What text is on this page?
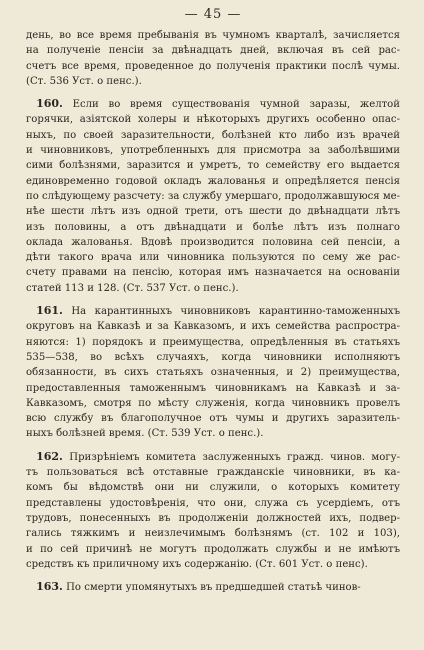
— 45 —
день, во все время пребыванія въ чумномъ кварталѣ, зачисляется
на полученіе пенсіи за двѣнадцать дней, включая въ сей рас-
счетъ все время, проведенное до полученія практики послѣ чумы.
(Ст. 536 Уст. о пенс.).
 160. Если во время существованія чумной заразы, желтой
горячки, азіятской холеры и нѣкоторыхъ другихъ особенно опас-
ныхъ, по своей заразительности, болѣзней кто либо изъ врачей
и чиновниковъ, употребленныхъ для присмотра за заболѣвшими
сими болѣзнями, заразится и умретъ, то семейству его выдается
единовременно годовой окладъ жалованья и опредѣляется пенсія
по слѣдующему разсчету: за службу умершаго, продолжавшуюся ме-
нѣе шести лѣтъ изъ одной трети, отъ шести до двѣнадцати лѣтъ
изъ половины, а отъ двѣнадцати и болѣе лѣтъ изъ полнаго
оклада жалованья. Вдовѣ производится половина сей пенсіи, а
дѣти такого врача или чиновника пользуются по сему же рас-
счету правами на пенсію, которая имъ назначается на основаніи
статей 113 и 128. (Ст. 537 Уст. о пенс.).
 161. На карантинныхъ чиновниковъ карантинно-таможенныхъ
округовъ на Кавказѣ и за Кавказомъ, и ихъ семейства распростра-
няются: 1) порядокъ и преимущества, опредѣленныя въ статьяхъ
535—538, во всѣхъ случаяхъ, когда чиновники исполняютъ
обязанности, въ сихъ статьяхъ означенныя, и 2) преимущества,
предоставленныя таможеннымъ чиновникамъ на Кавказѣ и за-
Кавказомъ, смотря по мѣсту служенія, когда чиновникъ провелъ
всю службу въ благополучное отъ чумы и другихъ заразитель-
ныхъ болѣзней время. (Ст. 539 Уст. о пенс.).
 162. Призрѣніемъ комитета заслуженныхъ гражд. чинов. могу-
тъ пользоваться всѣ отставные гражданскіе чиновники, въ ка-
комъ бы вѣдомствѣ они ни служили, о которыхъ комитету
представлены удостовѣренія, что они, служа съ усердіемъ, отъ
трудовъ, понесенныхъ въ продолженіи должностей ихъ, подвер-
гались тяжкимъ и неизлечимымъ болѣзнямъ (ст. 102 и 103),
и по сей причинѣ не могутъ продолжать службы и не имѣютъ
средствъ къ приличному ихъ содержанію. (Ст. 601 Уст. о пенс).
 163. По смерти упомянутыхъ въ предшедшей статьѣ чинов-
